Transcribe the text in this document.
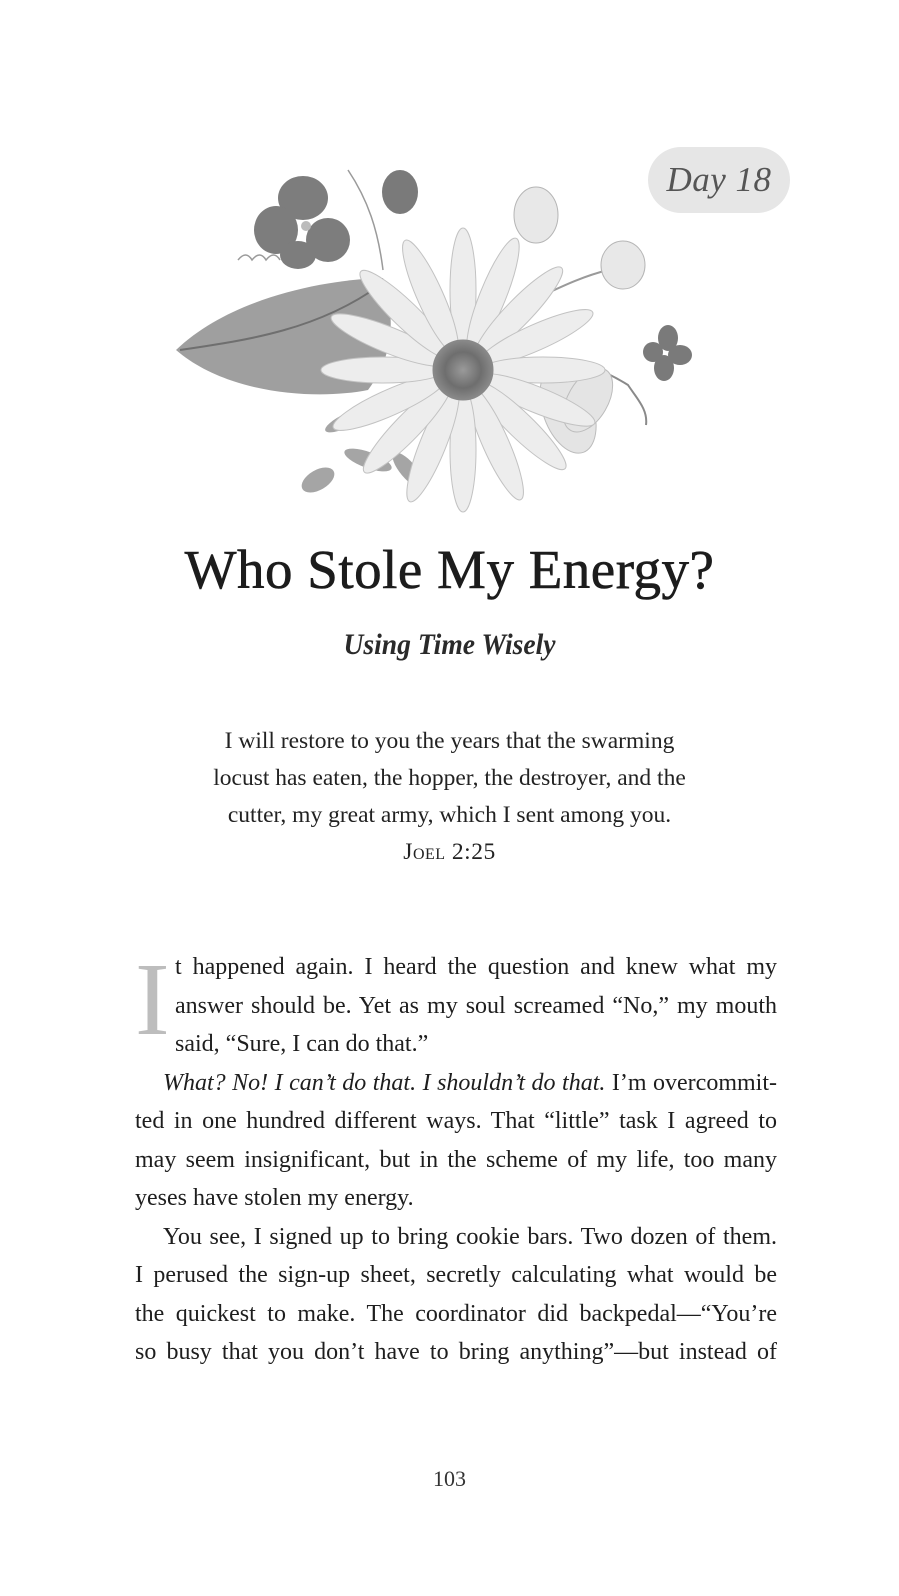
Day 18
Who Stole My Energy?
Using Time Wisely
I will restore to you the years that the swarming
locust has eaten, the hopper, the destroyer, and the
cutter, my great army, which I sent among you.
Joel 2:25
I t happened again. I heard the question and knew what my
answer should be. Yet as my soul screamed “No,” my mouth
said, “Sure, I can do that.”
What? No! I can’t do that. I shouldn’t do that. I’m overcommit-
ted in one hundred different ways. That “little” task I agreed to
may seem insignificant, but in the scheme of my life, too many
yeses have stolen my energy.
You see, I signed up to bring cookie bars. Two dozen of them.
I perused the sign-up sheet, secretly calculating what would be
the quickest to make. The coordinator did backpedal—“You’re
so busy that you don’t have to bring anything”—but instead of
103
